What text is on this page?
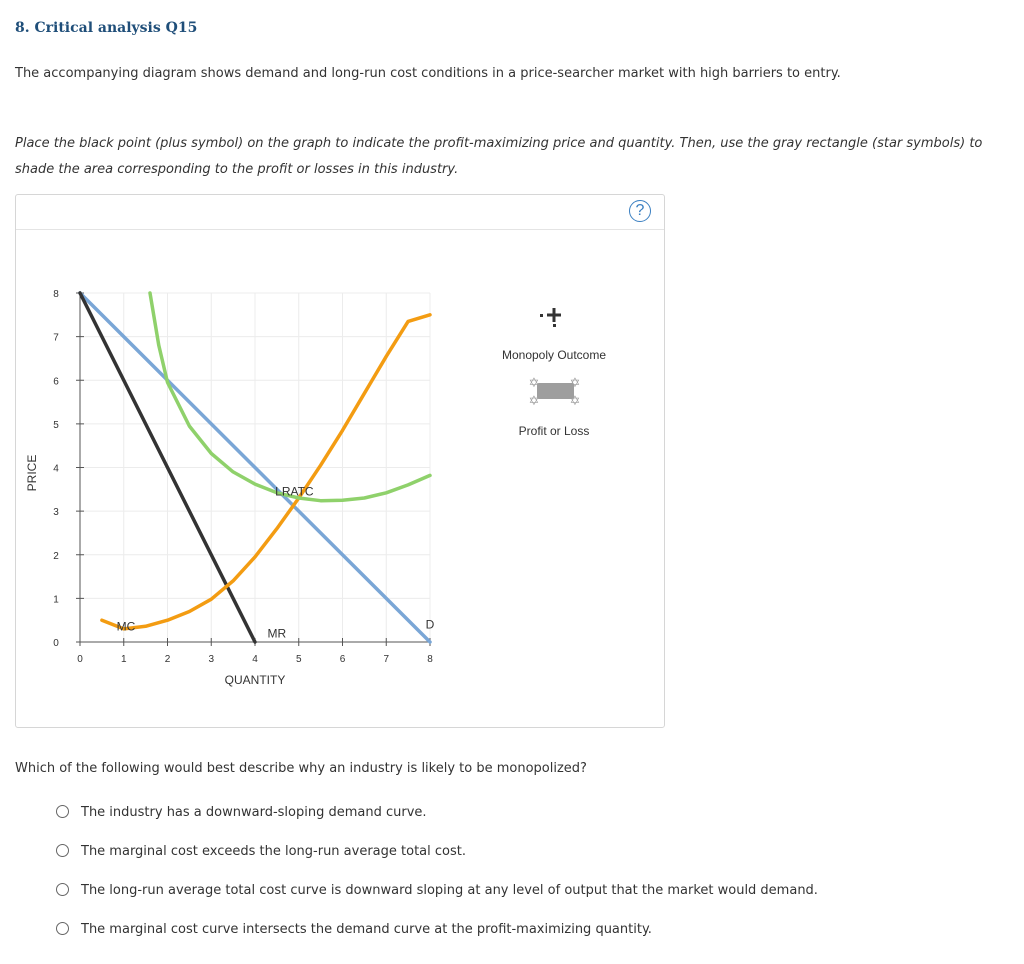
8. Critical analysis Q15
The accompanying diagram shows demand and long-run cost conditions in a price-searcher market with high barriers to entry.
Place the black point (plus symbol) on the graph to indicate the profit-maximizing price and quantity. Then, use the gray rectangle (star symbols) to shade the area corresponding to the profit or losses in this industry.
?
0	1	2	3	4	5	6	7	8
0
1
2
3
4
5
6
7
8
D
MR
MC
LRATC
PRICE
QUANTITY
Monopoly Outcome
✡ ✡
✡ ✡
Profit or Loss
Which of the following would best describe why an industry is likely to be monopolized?
The industry has a downward-sloping demand curve.
The marginal cost exceeds the long-run average total cost.
The long-run average total cost curve is downward sloping at any level of output that the market would demand.
The marginal cost curve intersects the demand curve at the profit-maximizing quantity.
